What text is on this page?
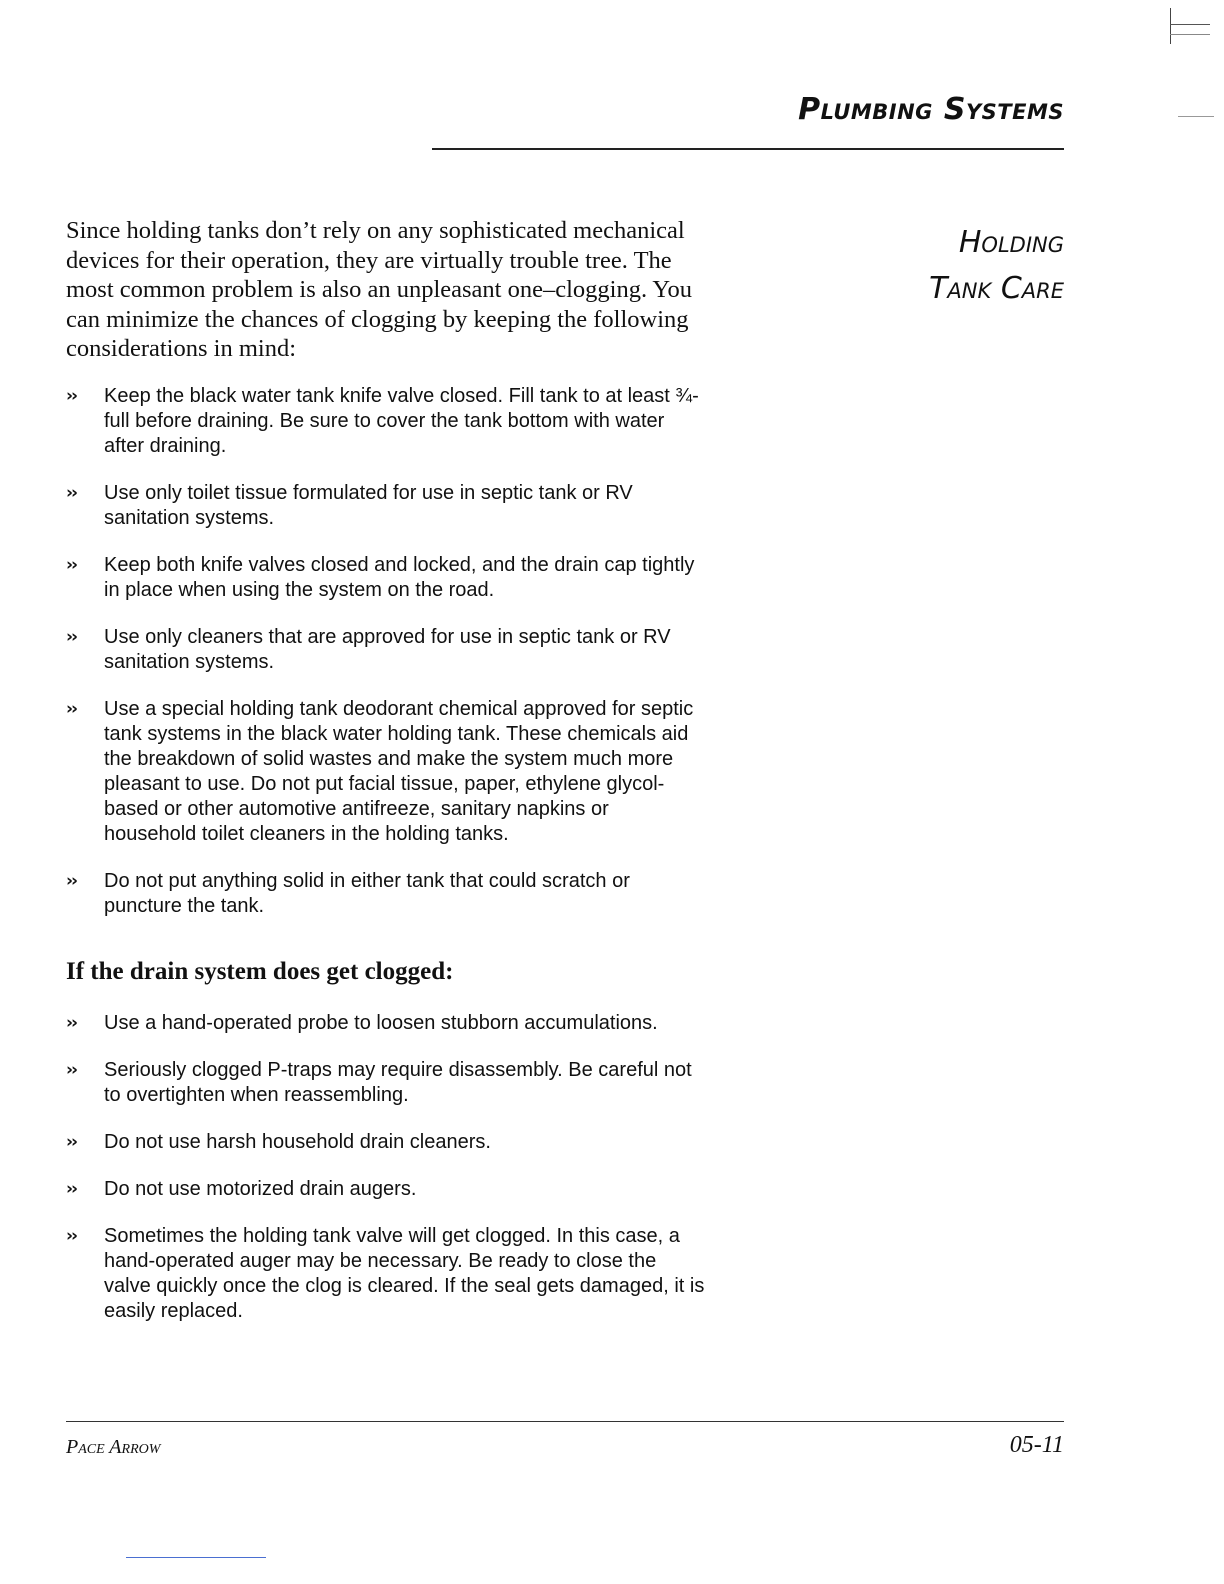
Plumbing Systems
Holding
Tank Care
Since holding tanks don’t rely on any sophisticated mechanical devices for their operation, they are virtually trouble tree. The most common problem is also an unpleasant one–clogging. You can minimize the chances of clogging by keeping the following considerations in mind:
›› Keep the black water tank knife valve closed. Fill tank to at least ¾-full before draining. Be sure to cover the tank bottom with water after draining.
›› Use only toilet tissue formulated for use in septic tank or RV sanitation systems.
›› Keep both knife valves closed and locked, and the drain cap tightly in place when using the system on the road.
›› Use only cleaners that are approved for use in septic tank or RV sanitation systems.
›› Use a special holding tank deodorant chemical approved for septic tank systems in the black water holding tank. These chemicals aid the breakdown of solid wastes and make the system much more pleasant to use. Do not put facial tissue, paper, ethylene glycol-based or other automotive antifreeze, sanitary napkins or household toilet cleaners in the holding tanks.
›› Do not put anything solid in either tank that could scratch or puncture the tank.
If the drain system does get clogged:
›› Use a hand-operated probe to loosen stubborn accumulations.
›› Seriously clogged P-traps may require disassembly. Be careful not to overtighten when reassembling.
›› Do not use harsh household drain cleaners.
›› Do not use motorized drain augers.
›› Sometimes the holding tank valve will get clogged. In this case, a hand-operated auger may be necessary. Be ready to close the valve quickly once the clog is cleared. If the seal gets damaged, it is easily replaced.
Pace Arrow	05-11
